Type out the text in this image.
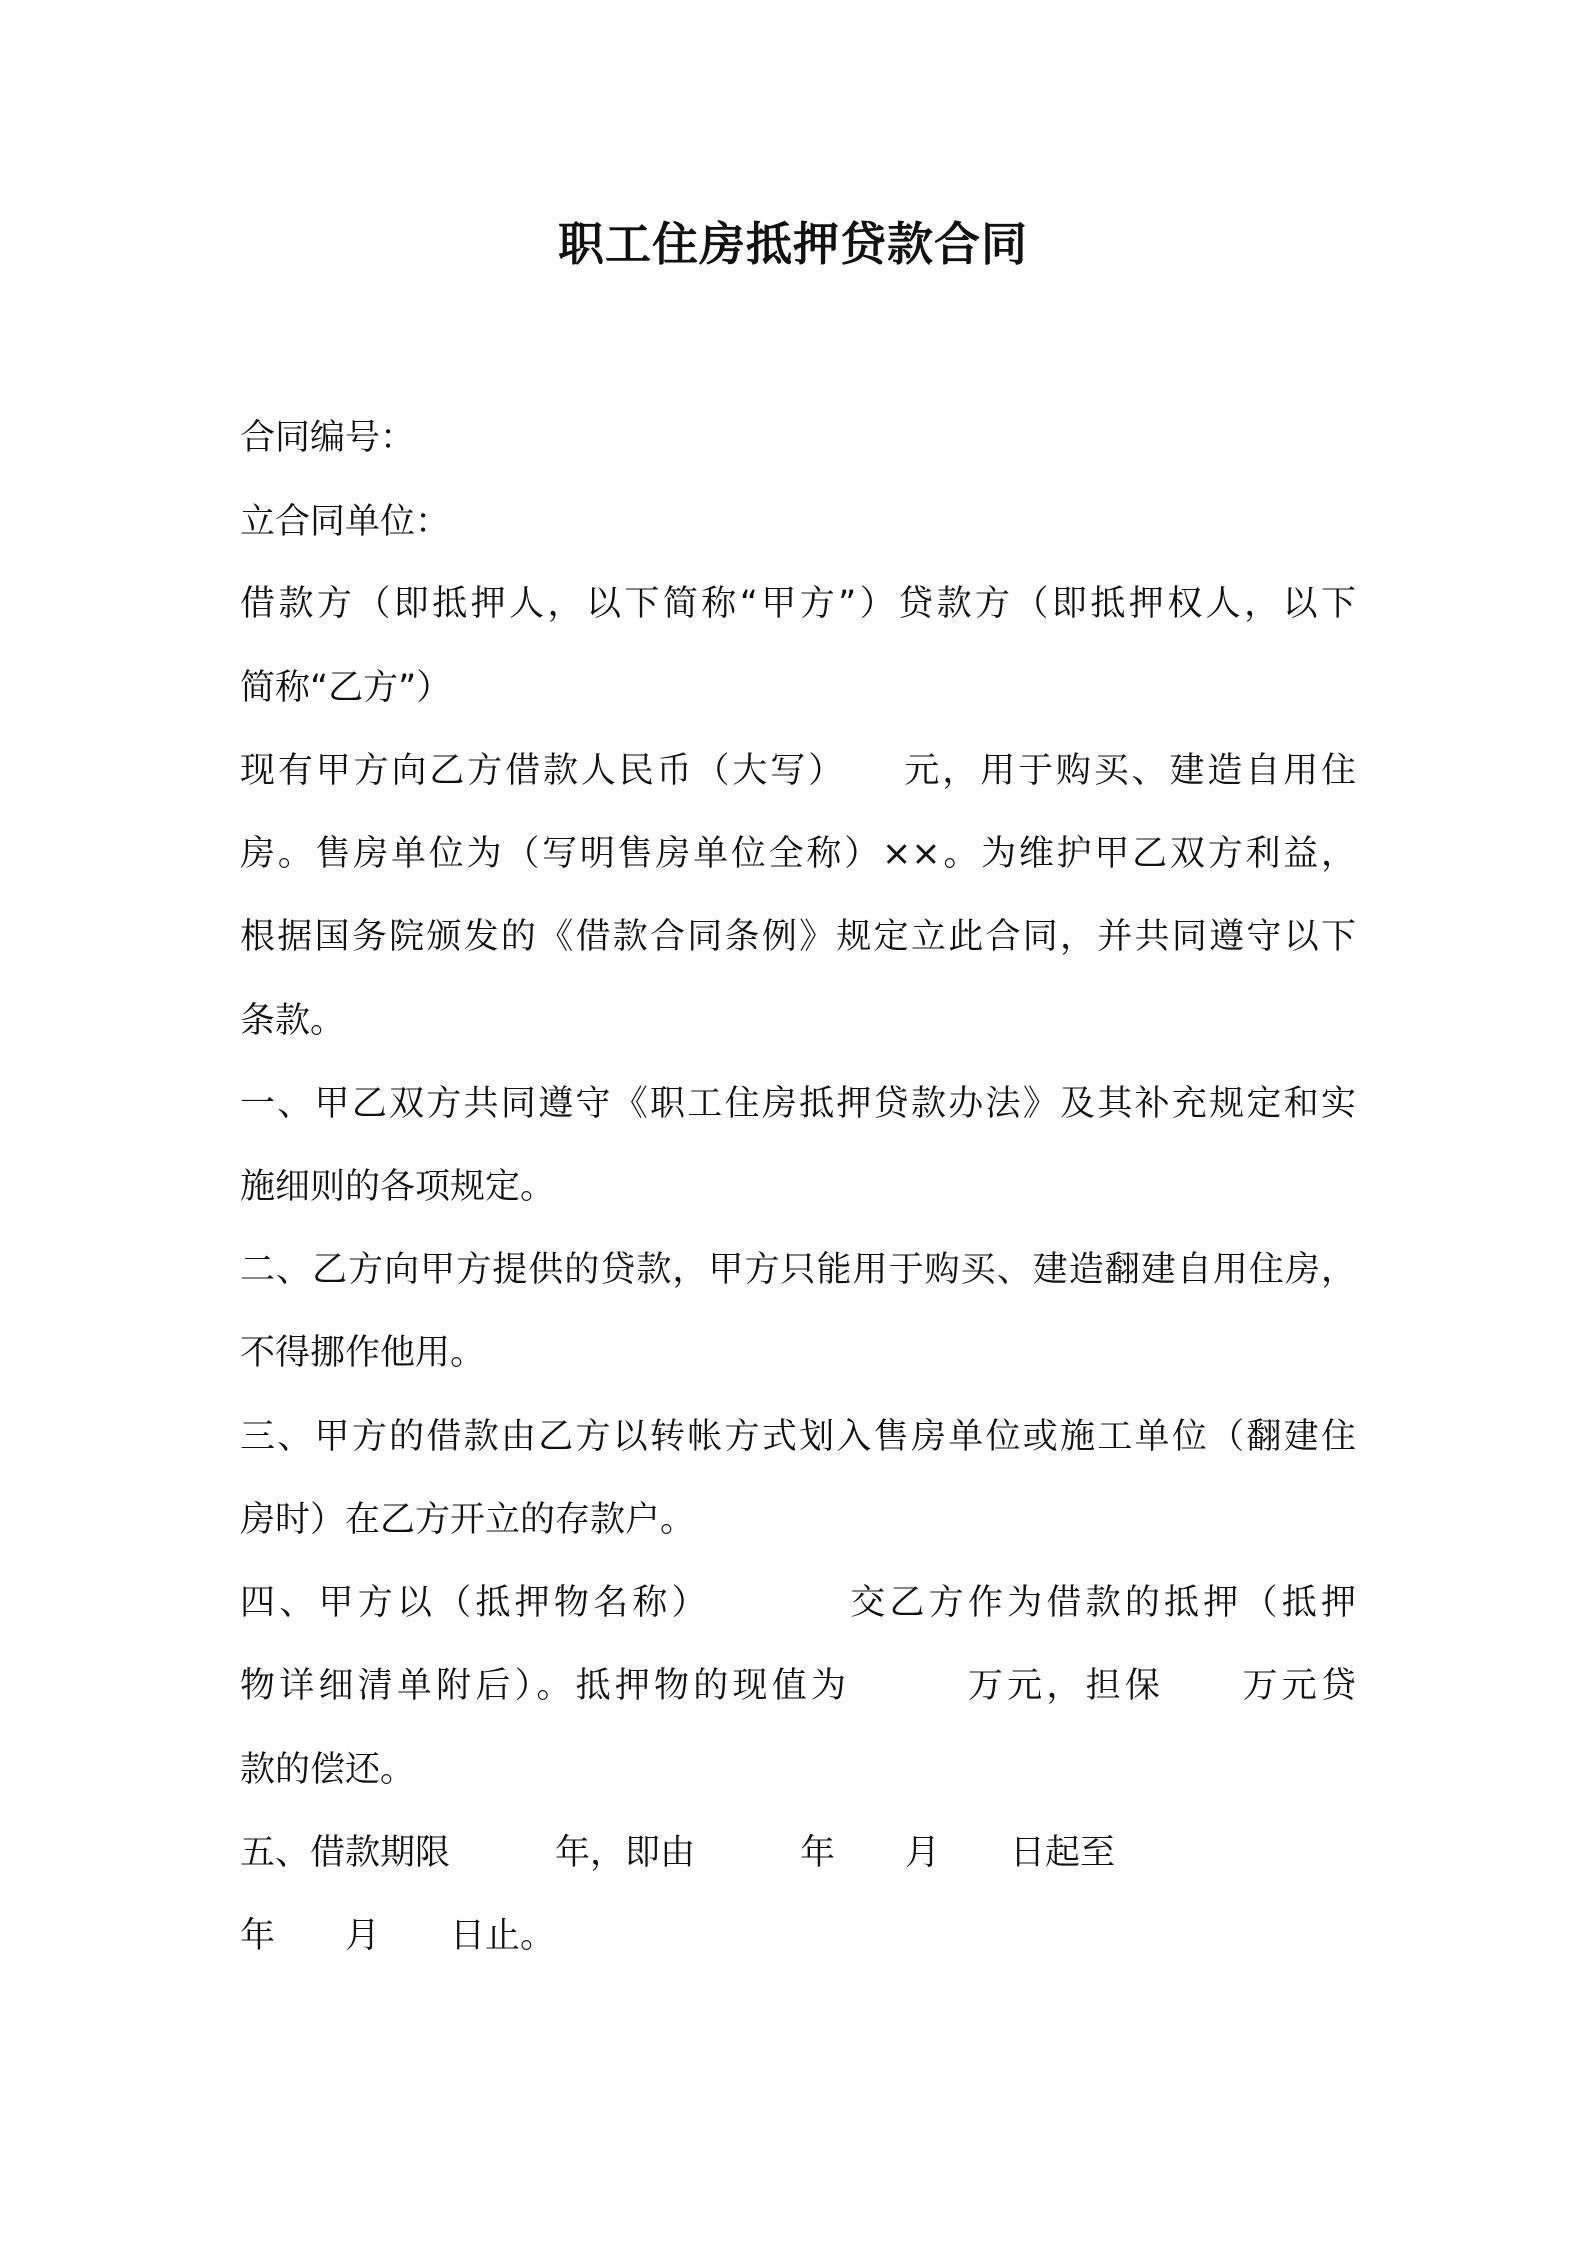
职工住房抵押贷款合同
合同编号：
立合同单位：
借款方（即抵押人，以下简称“甲方”）贷款方（即抵押权人，以下
简称“乙方”）
现有甲方向乙方借款人民币（大写）　　元，用于购买、建造自用住
房。售房单位为（写明售房单位全称）××。为维护甲乙双方利益，
根据国务院颁发的《借款合同条例》规定立此合同，并共同遵守以下
条款。
一、甲乙双方共同遵守《职工住房抵押贷款办法》及其补充规定和实
施细则的各项规定。
二、乙方向甲方提供的贷款，甲方只能用于购买、建造翻建自用住房，
不得挪作他用。
三、甲方的借款由乙方以转帐方式划入售房单位或施工单位（翻建住
房时）在乙方开立的存款户。
四、甲方以（抵押物名称）　　　　交乙方作为借款的抵押（抵押
物详细清单附后）。抵押物的现值为　　　万元，担保　　万元贷
款的偿还。
五、借款期限　　　年，即由　　　年　　月　　日起至
年　　月　　日止。
